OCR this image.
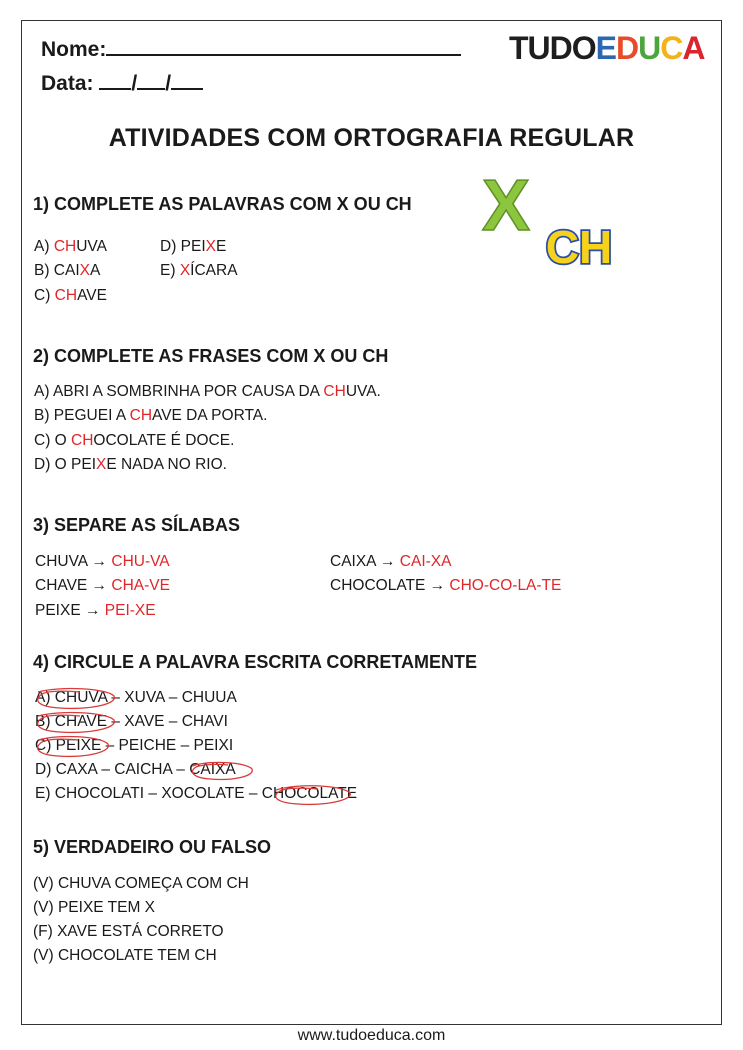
Nome:
Data: / /
TUDOEDUCA
ATIVIDADES COM ORTOGRAFIA REGULAR
X
CH
1) COMPLETE AS PALAVRAS COM X OU CH
A) CHUVA
B) CAIXA
C) CHAVE
D) PEIXE
E) XÍCARA
2) COMPLETE AS FRASES COM X OU CH
A) ABRI A SOMBRINHA POR CAUSA DA CHUVA.
B) PEGUEI A CHAVE DA PORTA.
C) O CHOCOLATE É DOCE.
D) O PEIXE NADA NO RIO.
3) SEPARE AS SÍLABAS
CHUVA → CHU-VA
CHAVE → CHA-VE
PEIXE → PEI-XE
CAIXA → CAI-XA
CHOCOLATE → CHO-CO-LA-TE
4) CIRCULE A PALAVRA ESCRITA CORRETAMENTE
A) CHUVA – XUVA – CHUUA
B) CHAVE – XAVE – CHAVI
C) PEIXE – PEICHE – PEIXI
D) CAXA – CAICHA – CAIXA
E) CHOCOLATI – XOCOLATE – CHOCOLATE
5) VERDADEIRO OU FALSO
(V) CHUVA COMEÇA COM CH
(V) PEIXE TEM X
(F) XAVE ESTÁ CORRETO
(V) CHOCOLATE TEM CH
www.tudoeduca.com
